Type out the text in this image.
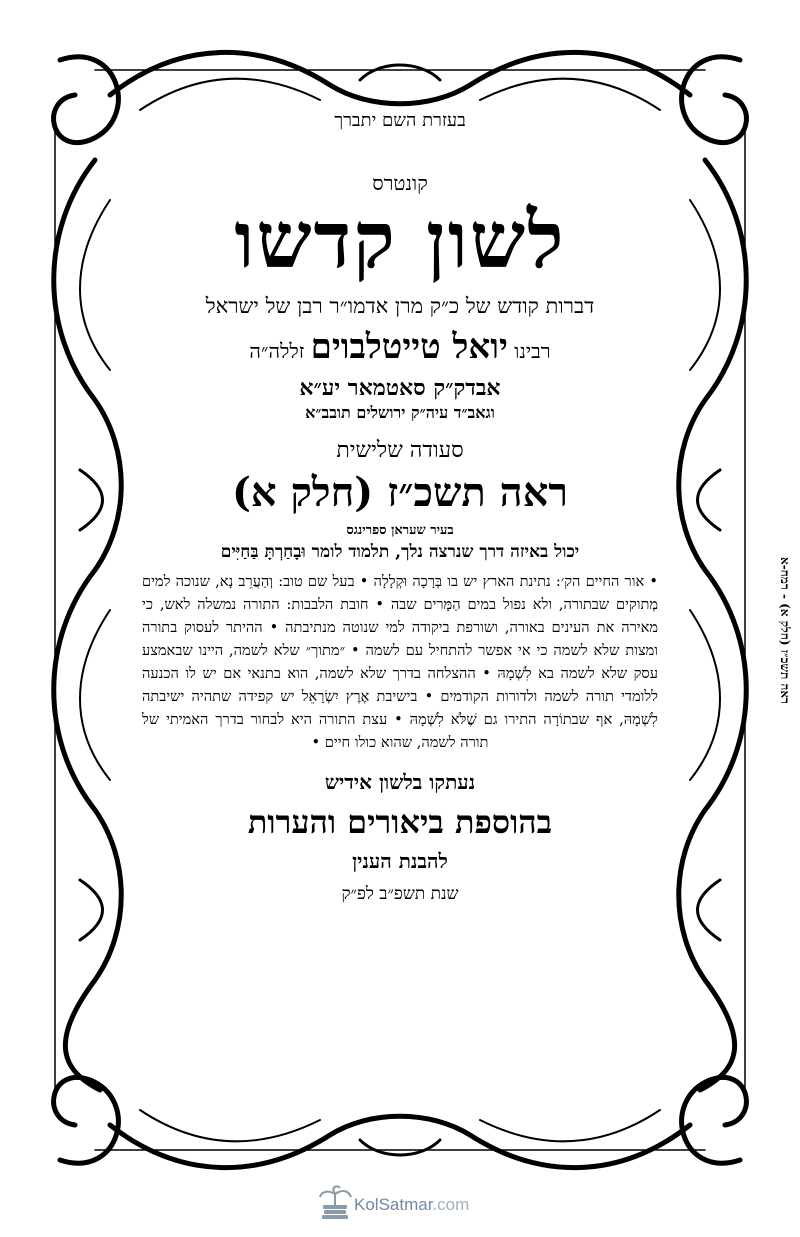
בעזרת השם יתברך

קונטרס

לשון קדשו

דברות קודש של כ״ק מרן אדמו״ר רבן של ישראל

רבינו יואל טייטלבוים זללה״ה

אבדק״ק סאטמאר יע״א

וגאב״ד עיה״ק ירושלים תובב״א

סעודה שלישית

ראה תשכ״ז (חלק א)

בעיר שעראן ספרינגס

יכול באיזה דרך שנרצה נלך, תלמוד לומר וּבָחַרְתָּ בַּחַיִּים

• אור החיים הק׳: נתינת הארץ יש בו בְּרָכָה וּקְלָלָה • בעל שם טוב: וְהַעֲרֵב נָא, שנוכה למים מְתוקים שבתורה, ולא נפול במים הַמָּרים שבה • חובת הלבבות: התורה נמשלה לאש, כי מאירה את העינים באורה, ושורפת ביקודה למי שנוטה מנתיבתה • ההיתר לעסוק בתורה ומצות שלא לשמה כי אי אפשר להתחיל עם לשמה • ״מתוך״ שלא לשמה, היינו שבאמצע עסק שלא לשמה בא לִשְׁמָהּ • ההצלחה בדרך שלא לשמה, הוא בתנאי אם יש לו הכנעה ללומדי תורה לשמה ולדורות הקודמים • בישיבת אֶרֶץ יִשְׂרָאֵל יש קפידה שתהיה ישיבתה לִשְׁמָהּ, אף שבתוֹרָה התירו גם שֶׁלֹּא לִשְׁמָהּ • עצת התורה היא לבחור בדרך האמיתי של תורה לשמה, שהוא כולו חיים •

נעתקו בלשון אידיש

בהוספת ביאורים והערות

להבנת הענין

שנת תשפ״ב לפ״ק

ראה תשכ״ז (חלק א) - רמח-א
KolSatmar.com
